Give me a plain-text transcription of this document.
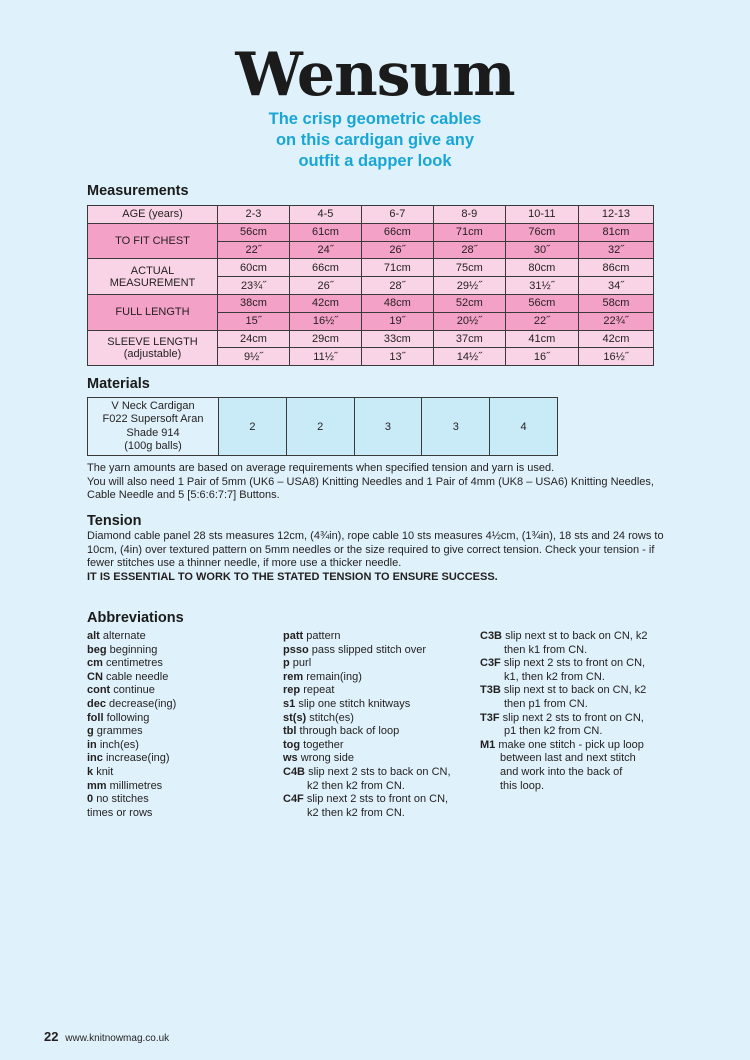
Wensum
The crisp geometric cables
on this cardigan give any
outfit a dapper look
Measurements
AGE (years)	2-3	4-5	6-7	8-9	10-11	12-13
TO FIT CHEST	56cm	61cm	66cm	71cm	76cm	81cm
	22˝	24˝	26˝	28˝	30˝	32˝

ACTUAL
MEASUREMENT	60cm	66cm	71cm	75cm	80cm	86cm
	23¾˝	26˝	28˝	29½˝	31½˝	34˝
FULL LENGTH	38cm	42cm	48cm	52cm	56cm	58cm
	15˝	16½˝	19˝	20½˝	22˝	22¾˝

SLEEVE LENGTH
(adjustable)	24cm	29cm	33cm	37cm	41cm	42cm
	9½˝	11½˝	13˝	14½˝	16˝	16½˝
Materials
V Neck Cardigan
F022 Supersoft Aran
Shade 914
(100g balls)
	2	2	3	3	4
The yarn amounts are based on average requirements when specified tension and yarn is used.
You will also need 1 Pair of 5mm (UK6 – USA8) Knitting Needles and 1 Pair of 4mm (UK8 – USA6) Knitting Needles, Cable Needle and 5 [5:6:6:7:7] Buttons.
Tension
Diamond cable panel 28 sts measures 12cm, (4¾in), rope cable 10 sts measures 4½cm, (1¾in), 18 sts and 24 rows to 10cm, (4in) over textured pattern on 5mm needles or the size required to give correct tension. Check your tension - if fewer stitches use a thinner needle, if more use a thicker needle.
IT IS ESSENTIAL TO WORK TO THE STATED TENSION TO ENSURE SUCCESS.
Abbreviations
alt alternate
beg beginning
cm centimetres
CN cable needle
cont continue
dec decrease(ing)
foll following
g grammes
in inch(es)
inc increase(ing)
k knit
mm millimetres
0 no stitches
times or rows
patt pattern
psso pass slipped stitch over
p purl
rem remain(ing)
rep repeat
s1 slip one stitch knitways
st(s) stitch(es)
tbl through back of loop
tog together
ws wrong side
C4B slip next 2 sts to back on CN,
k2 then k2 from CN.
C4F slip next 2 sts to front on CN,
k2 then k2 from CN.
C3B slip next st to back on CN, k2
then k1 from CN.
C3F slip next 2 sts to front on CN,
k1, then k2 from CN.
T3B slip next st to back on CN, k2
then p1 from CN.
T3F slip next 2 sts to front on CN,
p1 then k2 from CN.
M1 make one stitch - pick up loop
between last and next stitch
and work into the back of
this loop.
22 www.knitnowmag.co.uk
